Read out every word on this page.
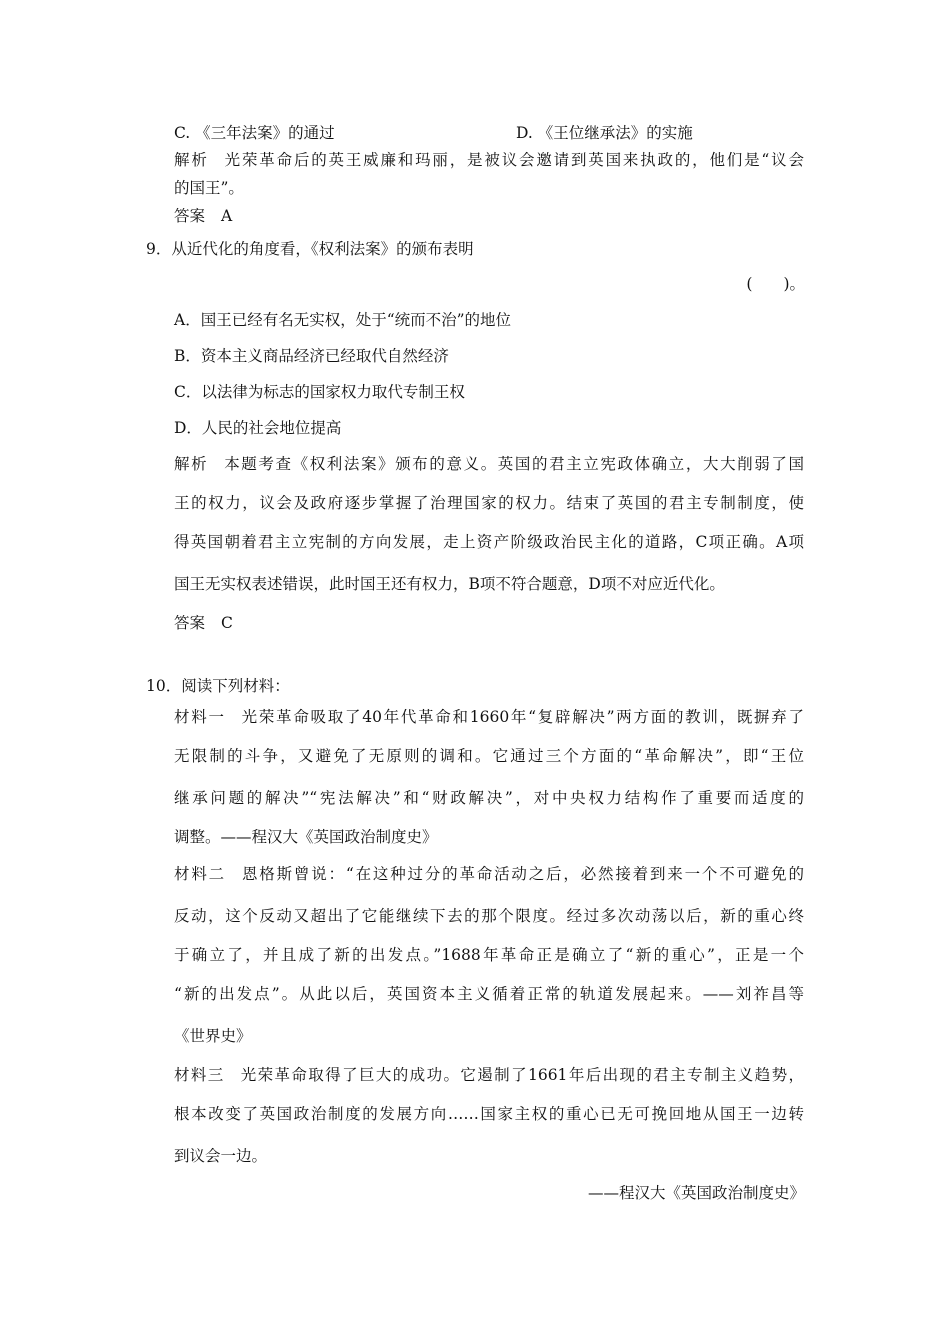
C. 《三年法案》的通过	D. 《王位继承法》的实施
解析 光荣革命后的英王威廉和玛丽，是被议会邀请到英国来执政的，他们是“议会
的国王”。
答案 A
9．从近代化的角度看，《权利法案》的颁布表明
(　　)。
A．国王已经有名无实权，处于“统而不治”的地位
B．资本主义商品经济已经取代自然经济
C．以法律为标志的国家权力取代专制王权
D．人民的社会地位提高
解析 本题考查《权利法案》颁布的意义。英国的君主立宪政体确立，大大削弱了国
王的权力，议会及政府逐步掌握了治理国家的权力。结束了英国的君主专制制度，使
得英国朝着君主立宪制的方向发展，走上资产阶级政治民主化的道路，C项正确。A项
国王无实权表述错误，此时国王还有权力，B项不符合题意，D项不对应近代化。
答案 C
10．阅读下列材料：
材料一 光荣革命吸取了40年代革命和1660年“复辟解决”两方面的教训，既摒弃了
无限制的斗争，又避免了无原则的调和。它通过三个方面的“革命解决”，即“王位
继承问题的解决”“宪法解决”和“财政解决”，对中央权力结构作了重要而适度的
调整。——程汉大《英国政治制度史》
材料二 恩格斯曾说：“在这种过分的革命活动之后，必然接着到来一个不可避免的
反动，这个反动又超出了它能继续下去的那个限度。经过多次动荡以后，新的重心终
于确立了，并且成了新的出发点。”1688年革命正是确立了“新的重心”，正是一个
“新的出发点”。从此以后，英国资本主义循着正常的轨道发展起来。——刘祚昌等
《世界史》
材料三 光荣革命取得了巨大的成功。它遏制了1661年后出现的君主专制主义趋势，
根本改变了英国政治制度的发展方向……国家主权的重心已无可挽回地从国王一边转
到议会一边。
——程汉大《英国政治制度史》
